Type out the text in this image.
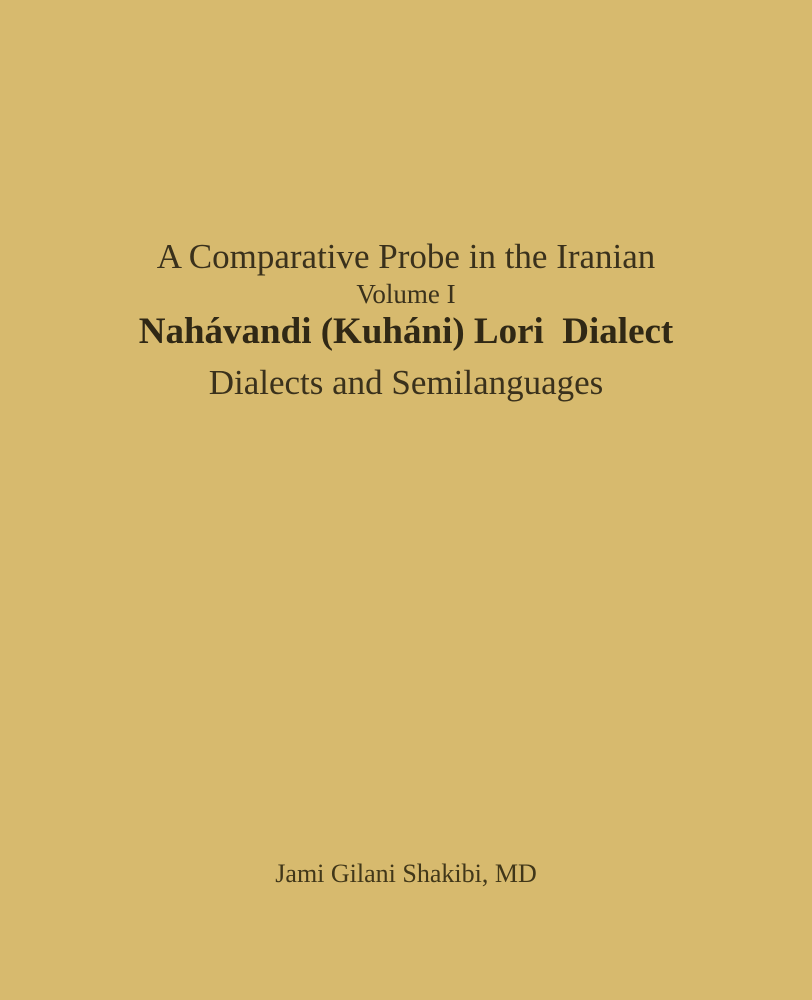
A Comparative Probe in the Iranian

Dialects and Semilanguages

Volume I
Nahávandi (Kuháni) Lori  Dialect
Jami Gilani Shakibi, MD
